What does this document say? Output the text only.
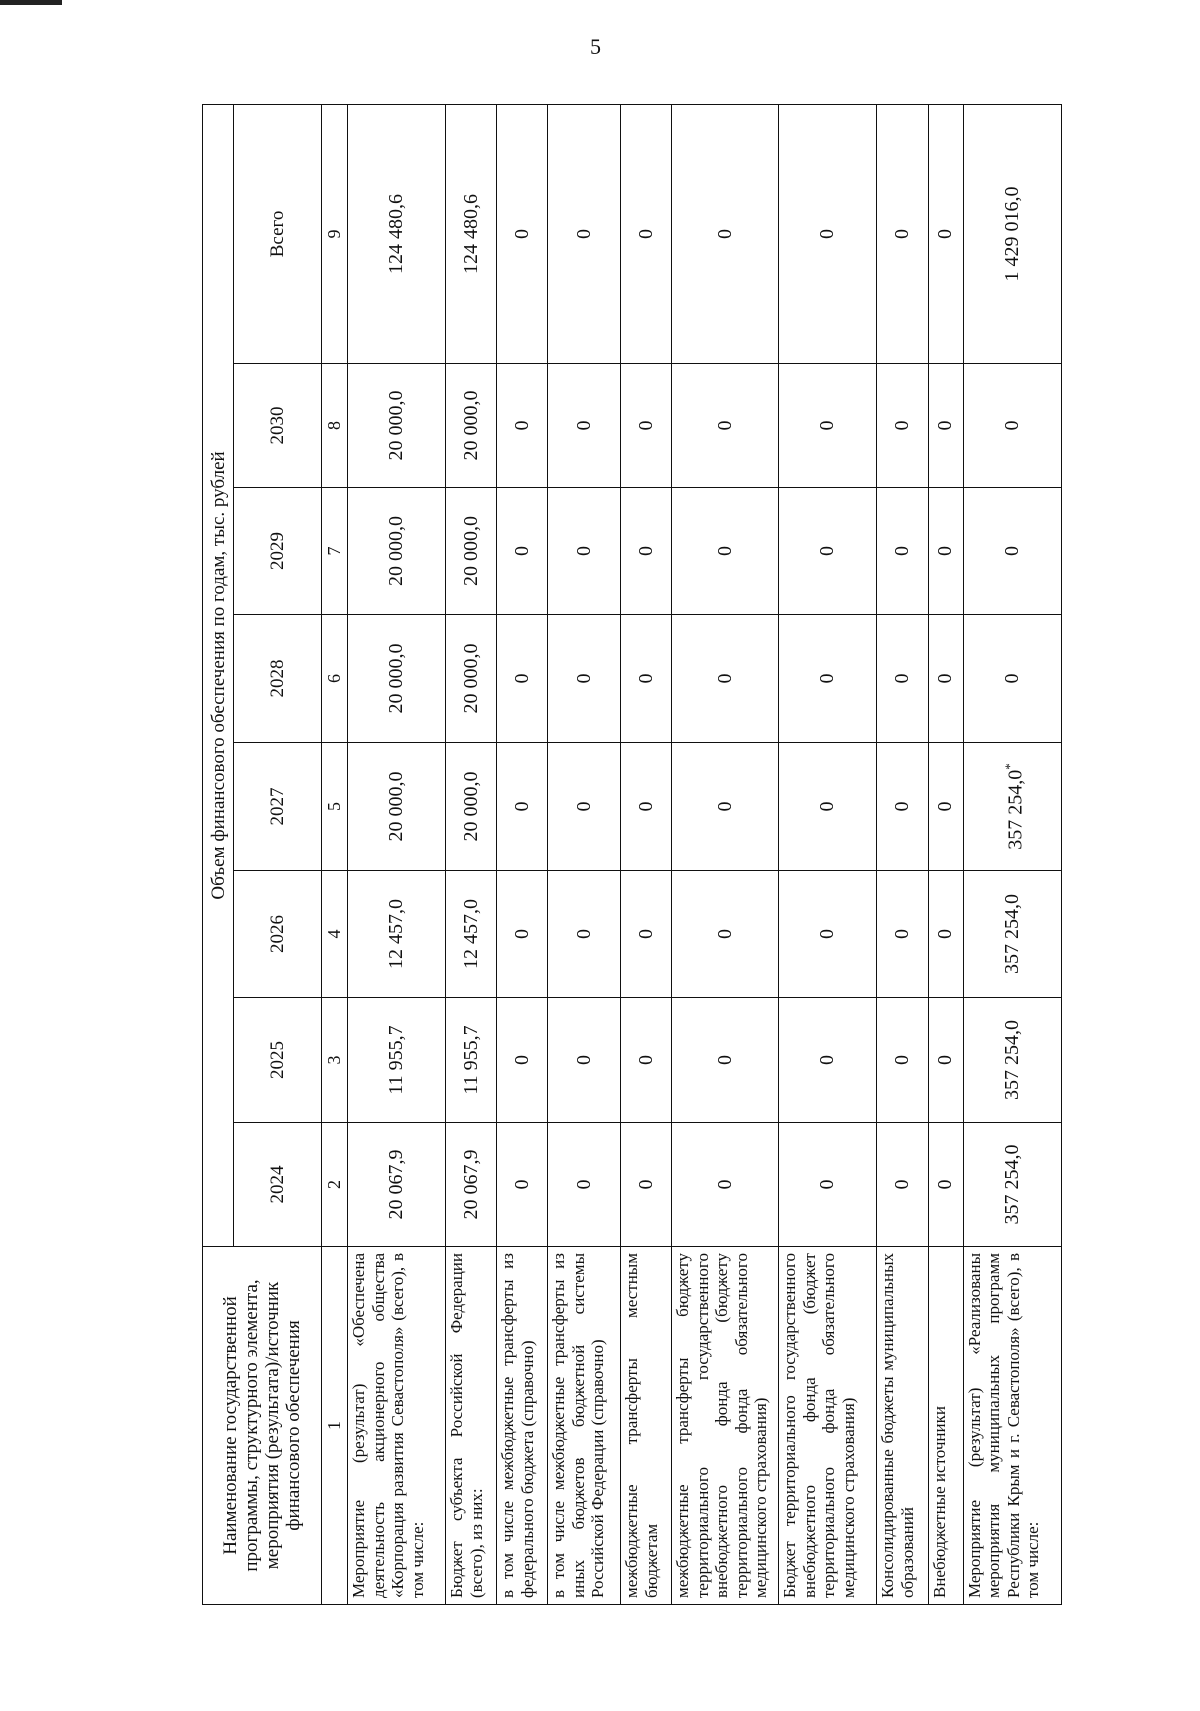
5
Наименование государственной программы, структурного элемента, мероприятия (результата)/источник финансового обеспечения	Объем финансового обеспечения по годам, тыс. рублей							
	2024	2025	2026	2027	2028	2029	2030	Всего
1	2	3	4	5	6	7	8	9
Мероприятие (результат) «Обеспечена деятельность акционерного общества «Корпорация развития Севастополя» (всего), в том числе:	20 067,9	11 955,7	12 457,0	20 000,0	20 000,0	20 000,0	20 000,0	124 480,6
Бюджет субъекта Российской Федерации (всего), из них:	20 067,9	11 955,7	12 457,0	20 000,0	20 000,0	20 000,0	20 000,0	124 480,6
в том числе межбюджетные трансферты из федерального бюджета (справочно)	0	0	0	0	0	0	0	0
в том числе межбюджетные трансферты из иных бюджетов бюджетной системы Российской Федерации (справочно)	0	0	0	0	0	0	0	0
межбюджетные трансферты местным бюджетам	0	0	0	0	0	0	0	0
межбюджетные трансферты бюджету территориального государственного внебюджетного фонда (бюджету территориального фонда обязательного медицинского страхования)	0	0	0	0	0	0	0	0
Бюджет территориального государственного внебюджетного фонда (бюджет территориального фонда обязательного медицинского страхования)	0	0	0	0	0	0	0	0
Консолидированные бюджеты муниципальных образований	0	0	0	0	0	0	0	0
Внебюджетные источники	0	0	0	0	0	0	0	0
Мероприятие (результат) «Реализованы мероприятия муниципальных программ Республики Крым и г. Севастополя» (всего), в том числе:	357 254,0	357 254,0	357 254,0	357 254,0*	0	0	0	1 429 016,0
